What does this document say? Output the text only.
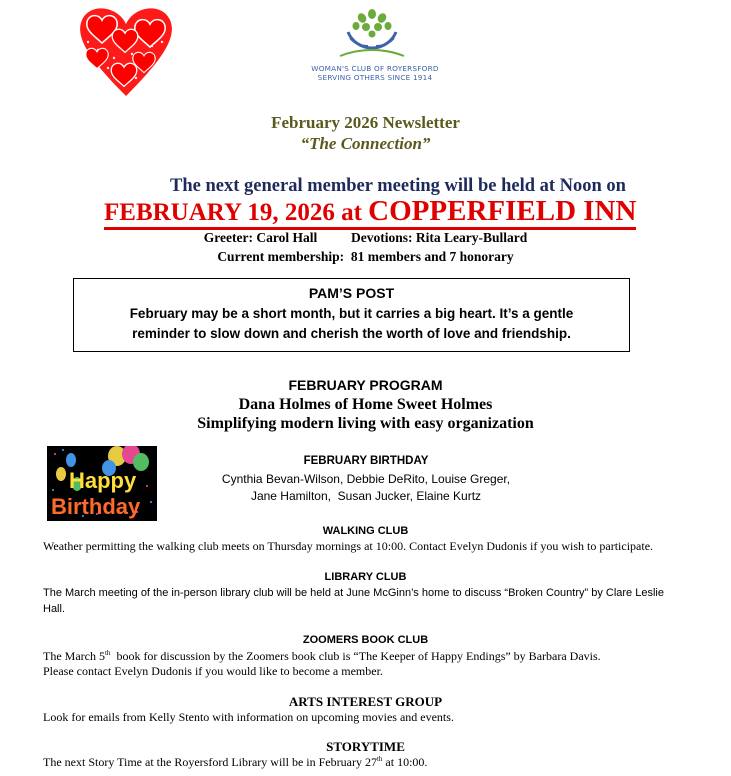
WOMAN'S CLUB OF ROYERSFORD
SERVING OTHERS SINCE 1914
February 2026 Newsletter
“The Connection”
The next general member meeting will be held at Noon on
FEBRUARY 19, 2026 at COPPERFIELD INN
Greeter: Carol Hall          Devotions: Rita Leary-Bullard
Current membership:  81 members and 7 honorary
PAM’S POST
February may be a short month, but it carries a big heart. It’s a gentle reminder to slow down and cherish the worth of love and friendship.
FEBRUARY PROGRAM
Dana Holmes of Home Sweet Holmes
Simplifying modern living with easy organization
Happy
Birthday
FEBRUARY BIRTHDAY
Cynthia Bevan-Wilson, Debbie DeRito, Louise Greger,
Jane Hamilton,  Susan Jucker, Elaine Kurtz
WALKING CLUB
Weather permitting the walking club meets on Thursday mornings at 10:00. Contact Evelyn Dudonis if you wish to participate.
LIBRARY CLUB
The March meeting of the in-person library club will be held at June McGinn’s home to discuss “Broken Country” by Clare Leslie Hall.
ZOOMERS BOOK CLUB
The March 5th  book for discussion by the Zoomers book club is “The Keeper of Happy Endings” by Barbara Davis.
Please contact Evelyn Dudonis if you would like to become a member.
ARTS INTEREST GROUP
Look for emails from Kelly Stento with information on upcoming movies and events.
STORYTIME
The next Story Time at the Royersford Library will be in February 27th at 10:00.
